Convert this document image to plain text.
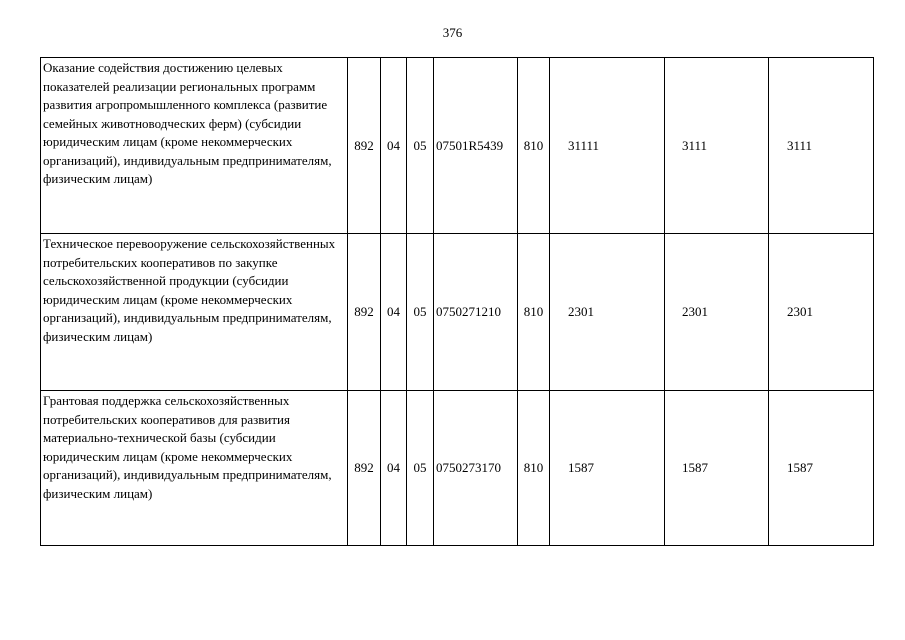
376
Оказание содействия достижению целевых показателей реализации региональных программ развития агропромышленного комплекса (развитие семейных животноводческих ферм) (субсидии юридическим лицам (кроме некоммерческих организаций), индивидуальным предпринимателям, физическим лицам)	892	04	05	07501R5439	810	31111	3111	3111
Техническое перевооружение сельскохозяйственных потребительских кооперативов по закупке сельскохозяйственной продукции (субсидии юридическим лицам (кроме некоммерческих организаций), индивидуальным предпринимателям, физическим лицам)	892	04	05	0750271210	810	2301	2301	2301
Грантовая поддержка сельскохозяйственных потребительских кооперативов для развития материально-технической базы (субсидии юридическим лицам (кроме некоммерческих организаций), индивидуальным предпринимателям, физическим лицам)	892	04	05	0750273170	810	1587	1587	1587
